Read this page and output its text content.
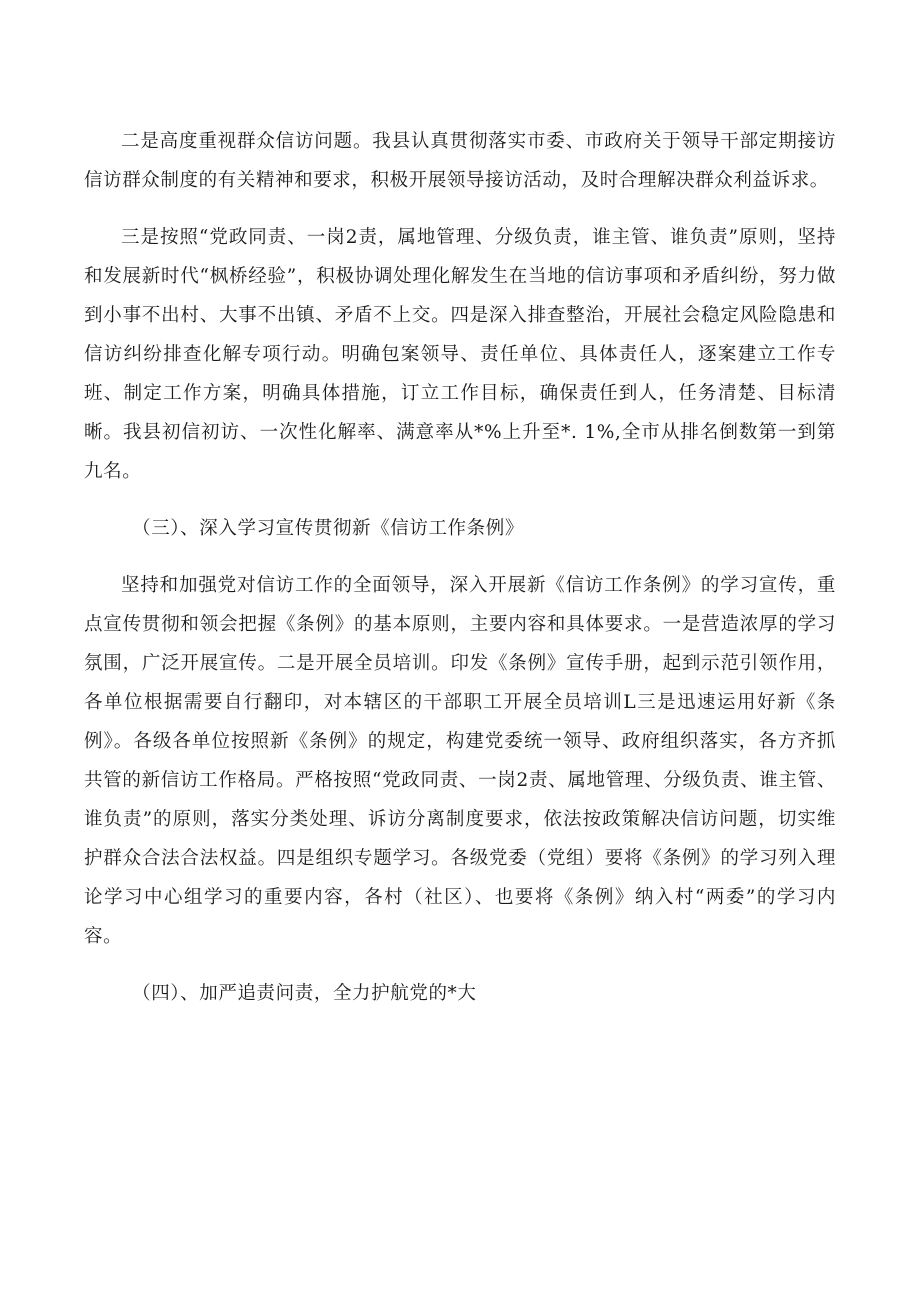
二是高度重视群众信访问题。我县认真贯彻落实市委、市政府关于领导干部定期接访信访群众制度的有关精神和要求，积极开展领导接访活动，及时合理解决群众利益诉求。

三是按照“党政同责、一岗2责，属地管理、分级负责，谁主管、谁负责”原则，坚持和发展新时代“枫桥经验”，积极协调处理化解发生在当地的信访事项和矛盾纠纷，努力做到小事不出村、大事不出镇、矛盾不上交。四是深入排查整治，开展社会稳定风险隐患和信访纠纷排查化解专项行动。明确包案领导、责任单位、具体责任人，逐案建立工作专班、制定工作方案，明确具体措施，订立工作目标，确保责任到人，任务清楚、目标清晰。我县初信初访、一次性化解率、满意率从*%上升至*. 1%,全市从排名倒数第一到第九名。

（三）、深入学习宣传贯彻新《信访工作条例》

坚持和加强党对信访工作的全面领导，深入开展新《信访工作条例》的学习宣传，重点宣传贯彻和领会把握《条例》的基本原则，主要内容和具体要求。一是营造浓厚的学习氛围，广泛开展宣传。二是开展全员培训。印发《条例》宣传手册，起到示范引领作用，各单位根据需要自行翻印，对本辖区的干部职工开展全员培训L三是迅速运用好新《条例》。各级各单位按照新《条例》的规定，构建党委统一领导、政府组织落实，各方齐抓共管的新信访工作格局。严格按照“党政同责、一岗2责、属地管理、分级负责、谁主管、谁负责”的原则，落实分类处理、诉访分离制度要求，依法按政策解决信访问题，切实维护群众合法合法权益。四是组织专题学习。各级党委（党组）要将《条例》的学习列入理论学习中心组学习的重要内容，各村（社区）、也要将《条例》纳入村“两委”的学习内容。

（四）、加严追责问责，全力护航党的*大
